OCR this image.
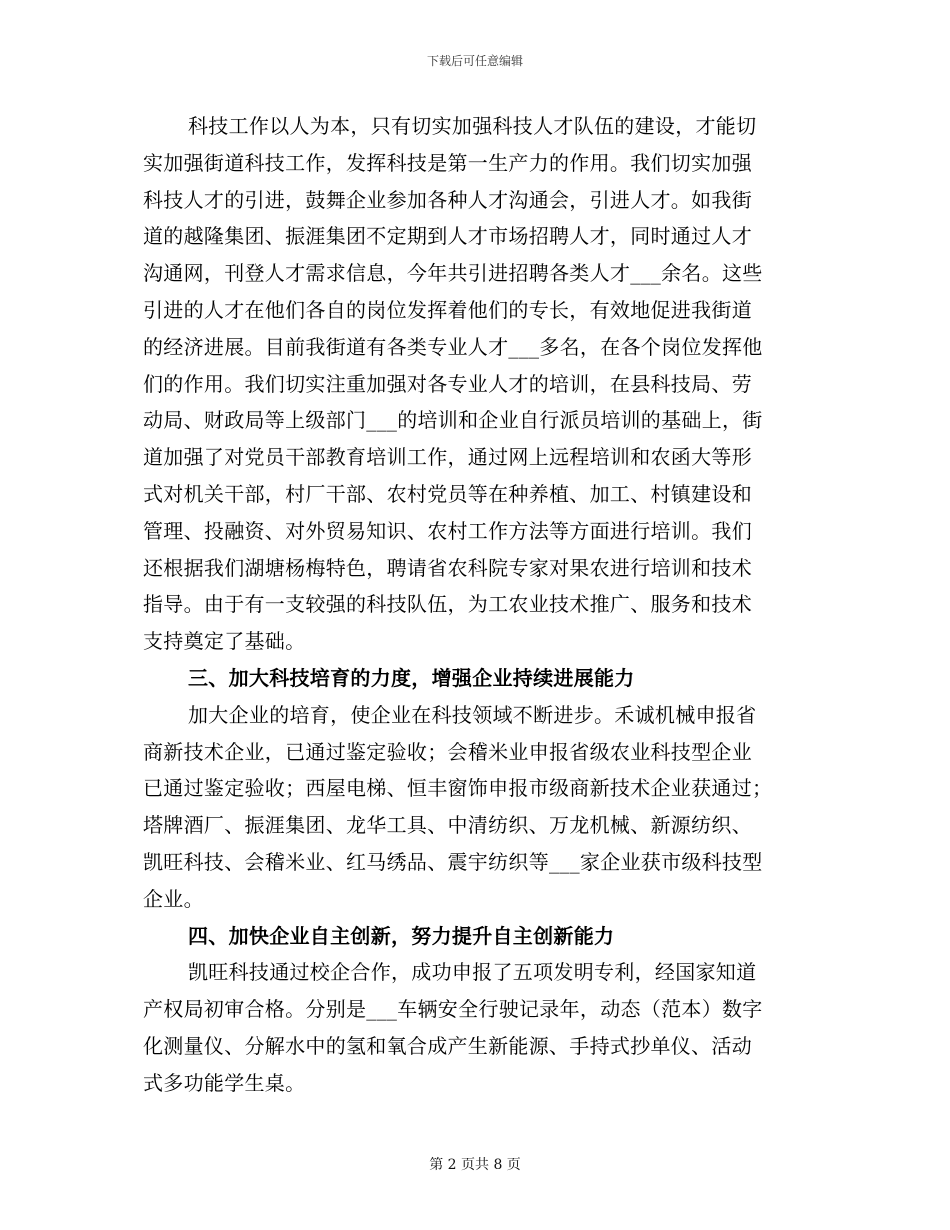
下载后可任意编辑
科技工作以人为本，只有切实加强科技人才队伍的建设，才能切
实加强街道科技工作，发挥科技是第一生产力的作用。我们切实加强
科技人才的引进，鼓舞企业参加各种人才沟通会，引进人才。如我街
道的越隆集团、振涯集团不定期到人才市场招聘人才，同时通过人才
沟通网，刊登人才需求信息，今年共引进招聘各类人才___余名。这些
引进的人才在他们各自的岗位发挥着他们的专长，有效地促进我街道
的经济进展。目前我街道有各类专业人才___多名，在各个岗位发挥他
们的作用。我们切实注重加强对各专业人才的培训，在县科技局、劳
动局、财政局等上级部门___的培训和企业自行派员培训的基础上，街
道加强了对党员干部教育培训工作，通过网上远程培训和农函大等形
式对机关干部，村厂干部、农村党员等在种养植、加工、村镇建设和
管理、投融资、对外贸易知识、农村工作方法等方面进行培训。我们
还根据我们湖塘杨梅特色，聘请省农科院专家对果农进行培训和技术
指导。由于有一支较强的科技队伍，为工农业技术推广、服务和技术
支持奠定了基础。
三、加大科技培育的力度，增强企业持续进展能力
加大企业的培育，使企业在科技领域不断进步。禾诚机械申报省
商新技术企业，已通过鉴定验收；会稽米业申报省级农业科技型企业
已通过鉴定验收；西屋电梯、恒丰窗饰申报市级商新技术企业获通过；
塔牌酒厂、振涯集团、龙华工具、中清纺织、万龙机械、新源纺织、
凯旺科技、会稽米业、红马绣品、震宇纺织等___家企业获市级科技型
企业。
四、加快企业自主创新，努力提升自主创新能力
凯旺科技通过校企合作，成功申报了五项发明专利，经国家知道
产权局初审合格。分别是___车辆安全行驶记录年，动态（范本）数字
化测量仪、分解水中的氢和氧合成产生新能源、手持式抄单仪、活动
式多功能学生桌。
第 2 页共 8 页
